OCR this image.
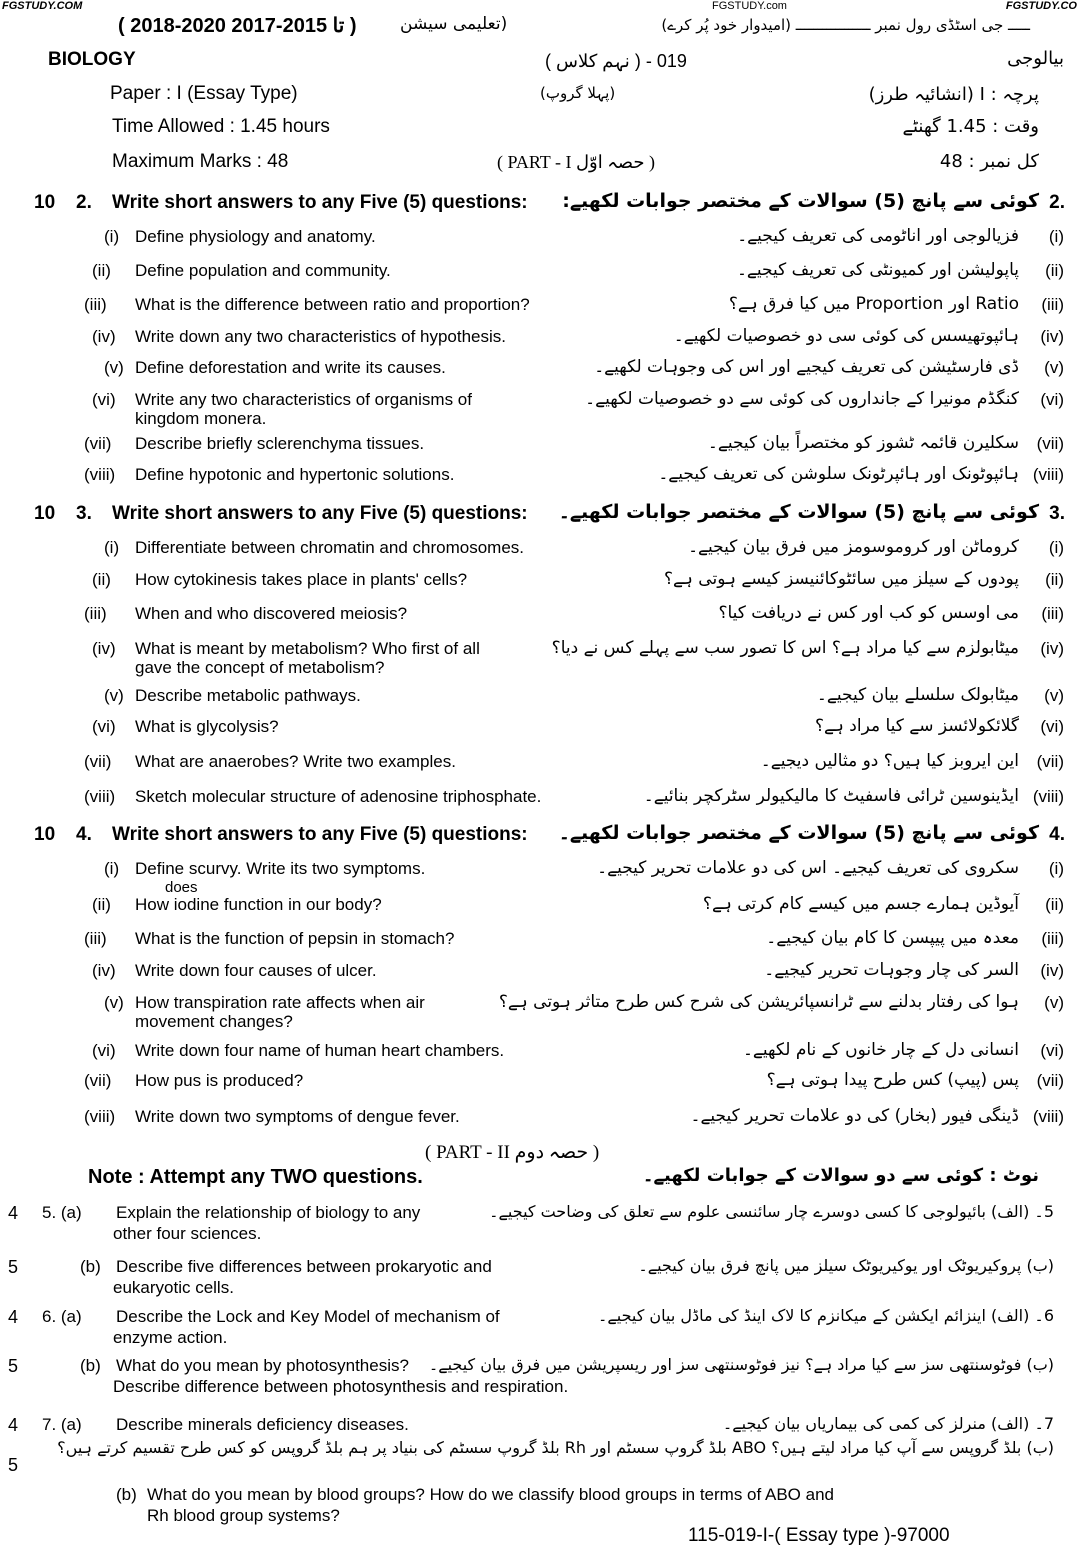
FGSTUDY.COM	FGSTUDY.CO
FGSTUDY.com
( 2018-2020 تا 2015-2017 )	(تعلیمی سیشن	ـــــ جی اسٹڈی رول نمبر ـــــــــــــــــ (امیدوار خود پُر کرے)
BIOLOGY	( نہم کلاس ) - 019	بیالوجی
Paper : I (Essay Type)	(پہلا گروپ)	پرچہ : I (انشائیہ طرز)
Time Allowed : 1.45 hours	وقت : 1.45 گھنٹے
Maximum Marks : 48	( PART - I حصہ اوّل )	کل نمبر : 48
10 2. Write short answers to any Five (5) questions: کوئی سے پانچ (5) سوالات کے مختصر جوابات لکھیے: 2.
(i) Define physiology and anatomy.	فزیالوجی اور اناٹومی کی تعریف کیجیے۔ (i)
(ii) Define population and community.	پاپولیشن اور کمیونٹی کی تعریف کیجیے۔ (ii)
(iii) What is the difference between ratio and proportion?	Ratio اور Proportion میں کیا فرق ہے؟ (iii)
(iv) Write down any two characteristics of hypothesis.	ہائپوتھیسس کی کوئی سی دو خصوصیات لکھیے۔ (iv)
(v) Define deforestation and write its causes.	ڈی فارسٹیشن کی تعریف کیجیے اور اس کی وجوہات لکھیے۔ (v)
(vi) Write any two characteristics of organisms of
kingdom monera.
کنگڈم مونیرا کے جانداروں کی کوئی سے دو خصوصیات لکھیے۔ (vi)
(vii) Describe briefly sclerenchyma tissues.	سکلیرن قائمہ ٹشوز کو مختصراً بیان کیجیے۔ (vii)
(viii) Define hypotonic and hypertonic solutions.	ہائپوٹونک اور ہائپرٹونک سلوشن کی تعریف کیجیے۔ (viii)
10 3. Write short answers to any Five (5) questions: کوئی سے پانچ (5) سوالات کے مختصر جوابات لکھیے۔ 3.
(i) Differentiate between chromatin and chromosomes.	کروماٹن اور کروموسومز میں فرق بیان کیجیے۔ (i)
(ii) How cytokinesis takes place in plants' cells?	پودوں کے سیلز میں سائٹوکائنیسز کیسے ہوتی ہے؟ (ii)
(iii) When and who discovered meiosis?	می اوسس کو کب اور کس نے دریافت کیا؟ (iii)
(iv) What is meant by metabolism? Who first of all
gave the concept of metabolism?
میٹابولزم سے کیا مراد ہے؟ اس کا تصور سب سے پہلے کس نے دیا؟ (iv)
(v) Describe metabolic pathways.	میٹابولک سلسلے بیان کیجیے۔ (v)
(vi) What is glycolysis?	گلائکولائسز سے کیا مراد ہے؟ (vi)
(vii) What are anaerobes? Write two examples.	این ایروبز کیا ہیں؟ دو مثالیں دیجیے۔ (vii)
(viii) Sketch molecular structure of adenosine triphosphate.	ایڈینوسین ٹرائی فاسفیٹ کا مالیکیولر سٹرکچر بنائیے۔ (viii)
10 4. Write short answers to any Five (5) questions: کوئی سے پانچ (5) سوالات کے مختصر جوابات لکھیے۔ 4.
(i) Define scurvy. Write its two symptoms.	سکروی کی تعریف کیجیے۔ اس کی دو علامات تحریر کیجیے۔ (i)
(ii) How iodine function in our body?
does
آیوڈین ہمارے جسم میں کیسے کام کرتی ہے؟ (ii)
(iii) What is the function of pepsin in stomach?	معدہ میں پیپسن کا کام بیان کیجیے۔ (iii)
(iv) Write down four causes of ulcer.	السر کی چار وجوہات تحریر کیجیے۔ (iv)
(v) How transpiration rate affects when air
movement changes?
ہوا کی رفتار بدلنے سے ٹرانسپائریشن کی شرح کس طرح متاثر ہوتی ہے؟ (v)
(vi) Write down four name of human heart chambers.	انسانی دل کے چار خانوں کے نام لکھیے۔ (vi)
(vii) How pus is produced?	پس (پیپ) کس طرح پیدا ہوتی ہے؟ (vii)
(viii) Write down two symptoms of dengue fever.	ڈینگی فیور (بخار) کی دو علامات تحریر کیجیے۔ (viii)
( PART - II حصہ دوم )
Note : Attempt any TWO questions.	نوٹ : کوئی سے دو سوالات کے جوابات لکھیے۔
4 5. (a) Explain the relationship of biology to any
other four sciences.
5۔ (الف) بائیولوجی کا کسی دوسرے چار سائنسی علوم سے تعلق کی وضاحت کیجیے۔
5	(b) Describe five differences between prokaryotic and
eukaryotic cells.
(ب) پروکیریوٹک اور یوکیریوٹک سیلز میں پانچ فرق بیان کیجیے۔
4 6. (a) Describe the Lock and Key Model of mechanism of
enzyme action.
6۔ (الف) اینزائم ایکشن کے میکانزم کا لاک اینڈ کی ماڈل بیان کیجیے۔
5	(b) What do you mean by photosynthesis?
Describe difference between photosynthesis and respiration.
(ب) فوٹوسنتھی سز سے کیا مراد ہے؟ نیز فوٹوسنتھی سز اور ریسپریشن میں فرق بیان کیجیے۔
4 7. (a) Describe minerals deficiency diseases.	7۔ (الف) منرلز کی کمی کی بیماریاں بیان کیجیے۔
5
(b) What do you mean by blood groups? How do we classify blood groups in terms of ABO and
Rh blood group systems?
(ب) بلڈ گروپس سے آپ کیا مراد لیتے ہیں؟ ABO بلڈ گروپ سسٹم اور Rh بلڈ گروپ سسٹم کی بنیاد پر ہم بلڈ گروپس کو کس طرح تقسیم کرتے ہیں؟
115-019-I-( Essay type )-97000
